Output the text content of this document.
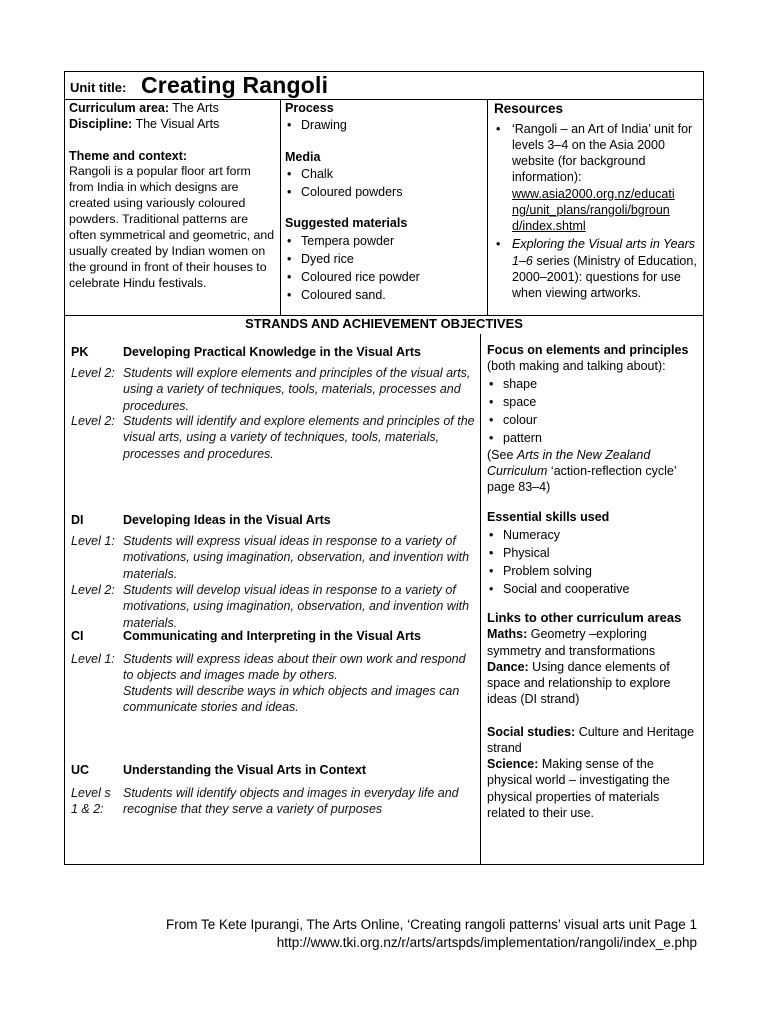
Unit title: Creating Rangoli
Curriculum area: The Arts
Discipline: The Visual Arts
Theme and context:
Rangoli is a popular floor art form from India in which designs are created using variously coloured powders. Traditional patterns are often symmetrical and geometric, and usually created by Indian women on the ground in front of their houses to celebrate Hindu festivals.
Process
• Drawing
Media
• Chalk
• Coloured powders
Suggested materials
• Tempera powder
• Dyed rice
• Coloured rice powder
• Coloured sand.
Resources
• ‘Rangoli – an Art of India’ unit for levels 3–4 on the Asia 2000 website (for background information): www.asia2000.org.nz/educati
ng/unit_plans/rangoli/bgroun
d/index.shtml
• Exploring the Visual arts in Years 1–6 series (Ministry of Education, 2000–2001): questions for use when viewing artworks.
STRANDS AND ACHIEVEMENT OBJECTIVES
PK	Developing Practical Knowledge in the Visual Arts
Level 2: Students will explore elements and principles of the visual arts, using a variety of techniques, tools, materials, processes and procedures.
Level 2: Students will identify and explore elements and principles of the visual arts, using a variety of techniques, tools, materials, processes and procedures.
DI	Developing Ideas in the Visual Arts
Level 1: Students will express visual ideas in response to a variety of motivations, using imagination, observation, and invention with materials.
Level 2: Students will develop visual ideas in response to a variety of motivations, using imagination, observation, and invention with materials.
CI	Communicating and Interpreting in the Visual Arts
Level 1: Students will express ideas about their own work and respond to objects and images made by others.
Students will describe ways in which objects and images can communicate stories and ideas.
UC	Understanding the Visual Arts in Context
Level s 1 & 2:
Students will identify objects and images in everyday life and recognise that they serve a variety of purposes
Focus on elements and principles (both making and talking about):
• shape
• space
• colour
• pattern
(See Arts in the New Zealand Curriculum ‘action-reflection cycle’ page 83–4)
Essential skills used
• Numeracy
• Physical
• Problem solving
• Social and cooperative
Links to other curriculum areas
Maths: Geometry –exploring symmetry and transformations
Dance: Using dance elements of space and relationship to explore ideas (DI strand)
Social studies: Culture and Heritage strand
Science: Making sense of the physical world – investigating the physical properties of materials related to their use.
From Te Kete Ipurangi, The Arts Online, ‘Creating rangoli patterns’ visual arts unit Page 1
http://www.tki.org.nz/r/arts/artspds/implementation/rangoli/index_e.php
